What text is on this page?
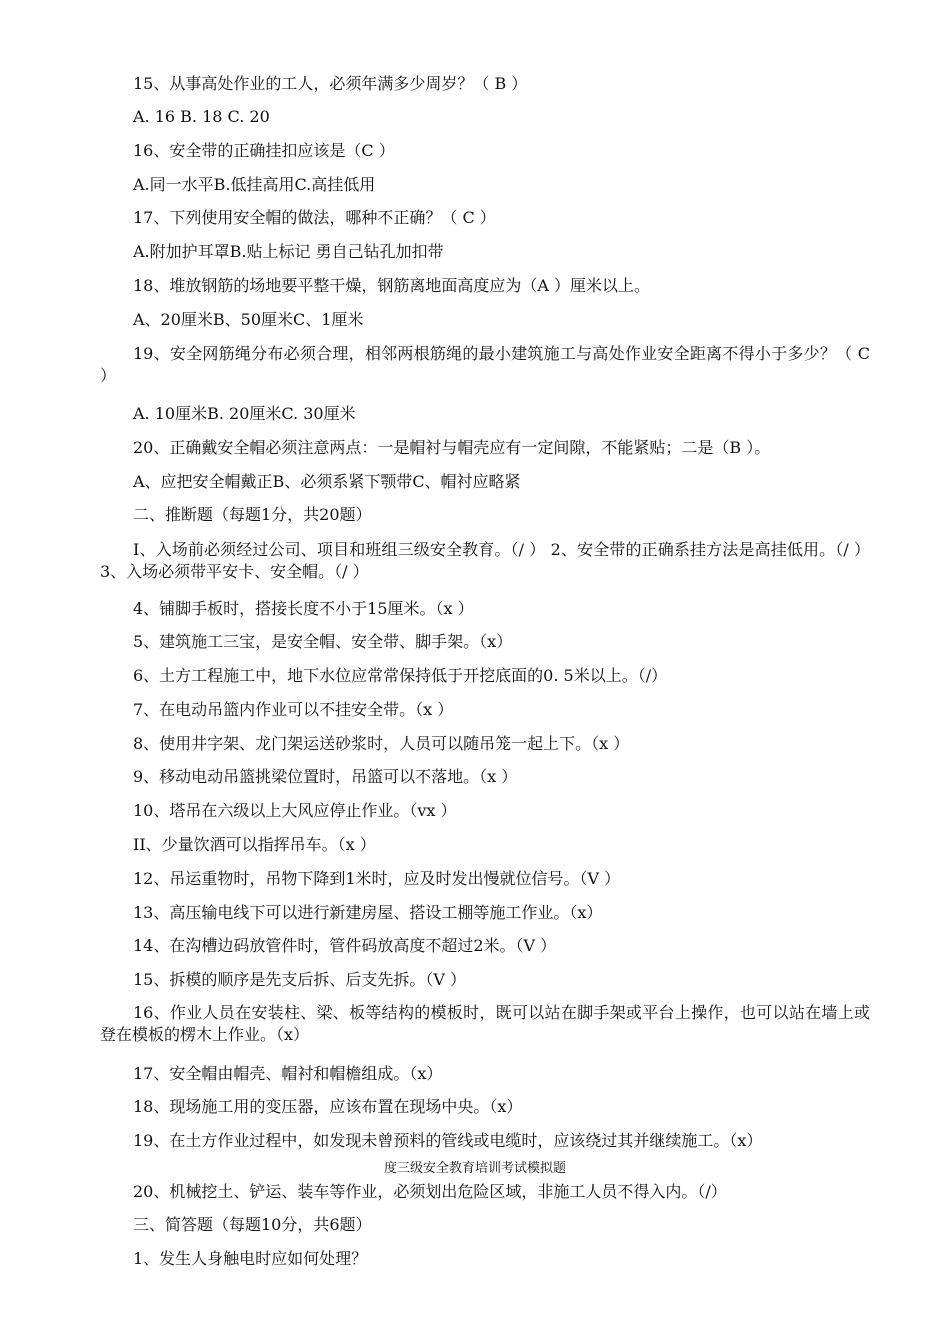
15、从事高处作业的工人，必须年满多少周岁？（ B ）
A. 16 B. 18 C. 20
16、安全带的正确挂扣应该是（C ）
A.同一水平B.低挂高用C.高挂低用
17、下列使用安全帽的做法，哪种不正确？（ C ）
A.附加护耳罩B.贴上标记 勇自己钻孔加扣带
18、堆放钢筋的场地要平整干燥，钢筋离地面高度应为（A ）厘米以上。
A、20厘米B、50厘米C、1厘米
19、安全网筋绳分布必须合理，相邻两根筋绳的最小建筑施工与高处作业安全距离不得小于多少？（ C ）
A. 10厘米B. 20厘米C. 30厘米
20、正确戴安全帽必须注意两点：一是帽衬与帽壳应有一定间隙，不能紧贴；二是（B ）。
A、应把安全帽戴正B、必须系紧下颚带C、帽衬应略紧
二、推断题（每题1分，共20题）
I、入场前必须经过公司、项目和班组三级安全教育。（/ ） 2、安全带的正确系挂方法是高挂低用。（/ ） 3、入场必须带平安卡、安全帽。（/ ）
4、铺脚手板时，搭接长度不小于15厘米。（x ）
5、建筑施工三宝，是安全帽、安全带、脚手架。（x）
6、土方工程施工中，地下水位应常常保持低于开挖底面的0. 5米以上。（/）
7、在电动吊篮内作业可以不挂安全带。（x ）
8、使用井字架、龙门架运送砂浆时，人员可以随吊笼一起上下。（x ）
9、移动电动吊篮挑梁位置时，吊篮可以不落地。（x ）
10、塔吊在六级以上大风应停止作业。（vx ）
II、少量饮酒可以指挥吊车。（x ）
12、吊运重物时，吊物下降到1米时，应及时发出慢就位信号。（V ）
13、高压输电线下可以进行新建房屋、搭设工棚等施工作业。（x）
14、在沟槽边码放管件时，管件码放高度不超过2米。（V ）
15、拆模的顺序是先支后拆、后支先拆。（V ）
16、作业人员在安装柱、梁、板等结构的模板时，既可以站在脚手架或平台上操作，也可以站在墙上或登在模板的楞木上作业。（x）
17、安全帽由帽壳、帽衬和帽檐组成。（x）
18、现场施工用的变压器，应该布置在现场中央。（x）
19、在土方作业过程中，如发现未曾预料的管线或电缆时，应该绕过其并继续施工。（x）
度三级安全教育培训考试模拟题
20、机械挖土、铲运、装车等作业，必须划出危险区域，非施工人员不得入内。（/）
三、简答题（每题10分，共6题）
1、发生人身触电时应如何处理？
